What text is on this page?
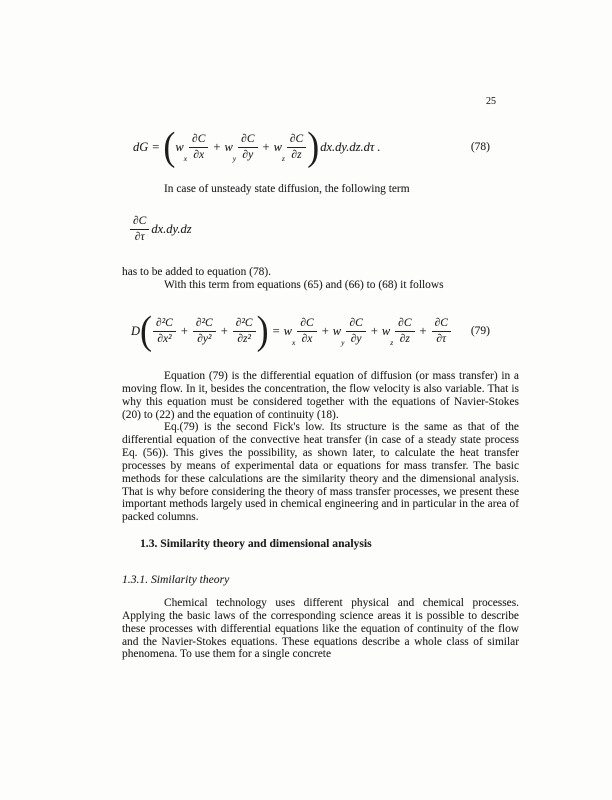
25
dG = ( w
$_x \frac{\partial C}{\partial x} + w$
$_y \frac{\partial C}{\partial y} + w$
$_z \frac{\partial C}{\partial z}$ ) dx.dy.dz.dτ .	(78)
In case of unsteady state diffusion, the following term
$\frac{\partial C}{\partial\tau} dx.dy.dz$
has to be added to equation (78).
With this term from equations (65) and (66) to (68) it follows
D ( $\frac{\text{∂²C}}{\text{∂x²}} + \frac{\text{∂²C}}{\text{∂y²}} + \frac{\text{∂²C}}{\text{∂z²}}$ ) = w
$_x \frac{\partial C}{\partial x} + w$
$_y \frac{\partial C}{\partial y} + w$
$_z \frac{\partial C}{\partial z} + \frac{\partial C}{\partial\tau} (79)$

Equation (79) is the differential equation of diffusion (or mass transfer) in a moving flow. In it, besides the concentration, the flow velocity is also variable. That is why this equation must be considered together with the equations of Navier-Stokes (20) to (22) and the equation of continuity (18).

Eq.(79) is the second Fick's low. Its structure is the same as that of the differential equation of the convective heat transfer (in case of a steady state process Eq. (56)). This gives the possibility, as shown later, to calculate the heat transfer processes by means of experimental data or equations for mass transfer. The basic methods for these calculations are the similarity theory and the dimensional analysis. That is why before considering the theory of mass transfer processes, we present these important methods largely used in chemical engineering and in particular in the area of packed columns.

1.3. Similarity theory and dimensional analysis
1.3.1. Similarity theory

Chemical technology uses different physical and chemical processes. Applying the basic laws of the corresponding science areas it is possible to describe these processes with differential equations like the equation of continuity of the flow and the Navier-Stokes equations. These equations describe a whole class of similar phenomena. To use them for a single concrete
